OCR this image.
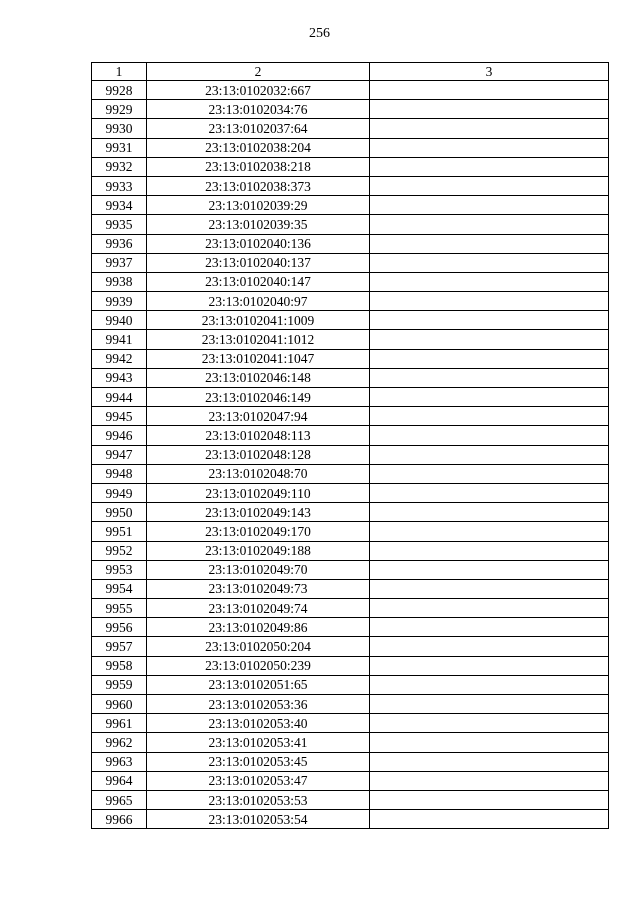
256
1	2	3
9928	23:13:0102032:667	
9929	23:13:0102034:76	
9930	23:13:0102037:64	
9931	23:13:0102038:204	
9932	23:13:0102038:218	
9933	23:13:0102038:373	
9934	23:13:0102039:29	
9935	23:13:0102039:35	
9936	23:13:0102040:136	
9937	23:13:0102040:137	
9938	23:13:0102040:147	
9939	23:13:0102040:97	
9940	23:13:0102041:1009	
9941	23:13:0102041:1012	
9942	23:13:0102041:1047	
9943	23:13:0102046:148	
9944	23:13:0102046:149	
9945	23:13:0102047:94	
9946	23:13:0102048:113	
9947	23:13:0102048:128	
9948	23:13:0102048:70	
9949	23:13:0102049:110	
9950	23:13:0102049:143	
9951	23:13:0102049:170	
9952	23:13:0102049:188	
9953	23:13:0102049:70	
9954	23:13:0102049:73	
9955	23:13:0102049:74	
9956	23:13:0102049:86	
9957	23:13:0102050:204	
9958	23:13:0102050:239	
9959	23:13:0102051:65	
9960	23:13:0102053:36	
9961	23:13:0102053:40	
9962	23:13:0102053:41	
9963	23:13:0102053:45	
9964	23:13:0102053:47	
9965	23:13:0102053:53	
9966	23:13:0102053:54	
